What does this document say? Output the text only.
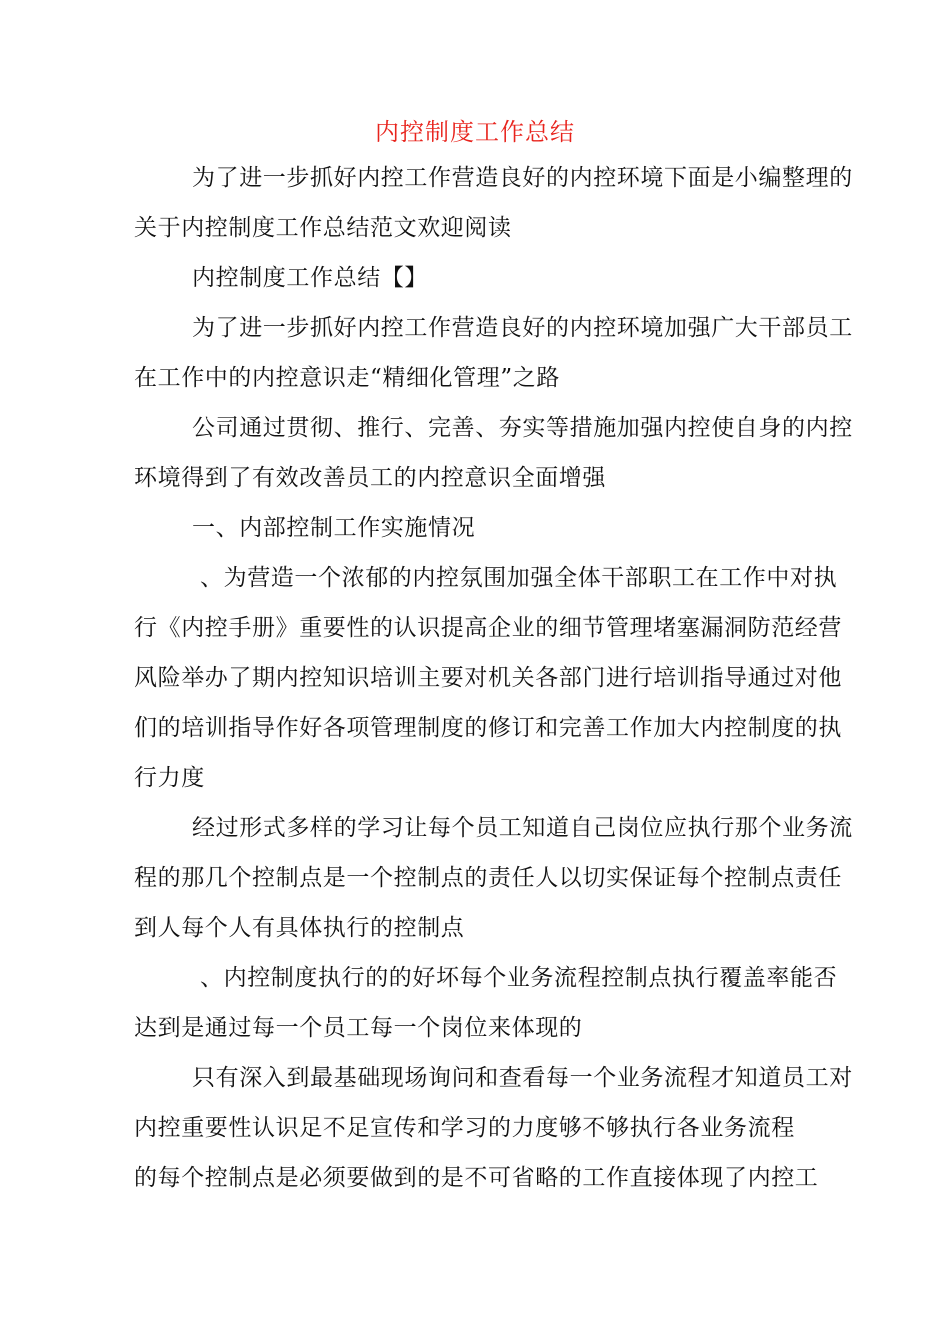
内控制度工作总结
为了进一步抓好内控工作营造良好的内控环境下面是小编整理的
关于内控制度工作总结范文欢迎阅读
内控制度工作总结【】
为了进一步抓好内控工作营造良好的内控环境加强广大干部员工
在工作中的内控意识走“精细化管理”之路
公司通过贯彻、推行、完善、夯实等措施加强内控使自身的内控
环境得到了有效改善员工的内控意识全面增强
一、内部控制工作实施情况
、为营造一个浓郁的内控氛围加强全体干部职工在工作中对执
行《内控手册》重要性的认识提高企业的细节管理堵塞漏洞防范经营
风险举办了期内控知识培训主要对机关各部门进行培训指导通过对他
们的培训指导作好各项管理制度的修订和完善工作加大内控制度的执
行力度
经过形式多样的学习让每个员工知道自己岗位应执行那个业务流
程的那几个控制点是一个控制点的责任人以切实保证每个控制点责任
到人每个人有具体执行的控制点
、内控制度执行的的好坏每个业务流程控制点执行覆盖率能否
达到是通过每一个员工每一个岗位来体现的
只有深入到最基础现场询问和查看每一个业务流程才知道员工对
内控重要性认识足不足宣传和学习的力度够不够执行各业务流程
的每个控制点是必须要做到的是不可省略的工作直接体现了内控工
